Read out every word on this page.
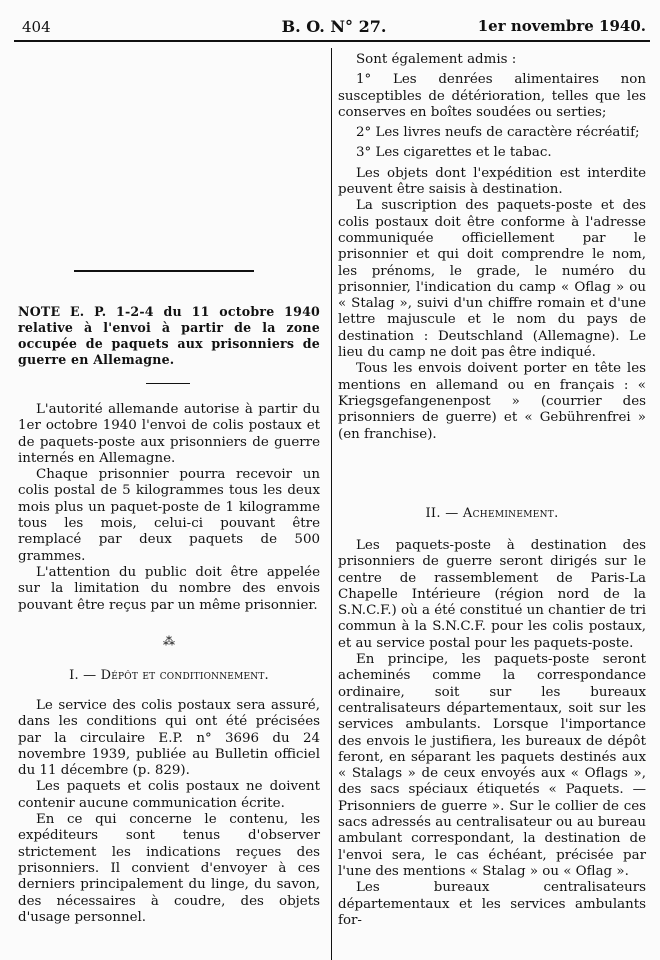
404	B. O. N° 27.	1er novembre 1940.
NOTE E. P. 1-2-4 du 11 octobre 1940 relative à l'envoi à partir de la zone occupée de paquets aux prisonniers de guerre en Allemagne.

L'autorité allemande autorise à partir du 1er octobre 1940 l'envoi de colis postaux et de paquets-poste aux prisonniers de guerre internés en Allemagne.

Chaque prisonnier pourra recevoir un colis postal de 5 kilogrammes tous les deux mois plus un paquet-poste de 1 kilogramme tous les mois, celui-ci pouvant être remplacé par deux paquets de 500 grammes.

L'attention du public doit être appelée sur la limitation du nombre des envois pouvant être reçus par un même prisonnier.

⁂
I. — Dépôt et conditionnement.

Le service des colis postaux sera assuré, dans les conditions qui ont été précisées par la circulaire E.P. n° 3696 du 24 novembre 1939, publiée au Bulletin officiel du 11 décembre (p. 829).

Les paquets et colis postaux ne doivent contenir aucune communication écrite.

En ce qui concerne le contenu, les expéditeurs sont tenus d'observer strictement les indications reçues des prisonniers. Il convient d'envoyer à ces derniers principalement du linge, du savon, des nécessaires à coudre, des objets d'usage personnel.

Sont également admis :

1° Les denrées alimentaires non susceptibles de détérioration, telles que les conserves en boîtes soudées ou serties;

2° Les livres neufs de caractère récréatif;

3° Les cigarettes et le tabac.

Les objets dont l'expédition est interdite peuvent être saisis à destination.

La suscription des paquets-poste et des colis postaux doit être conforme à l'adresse communiquée officiellement par le prisonnier et qui doit comprendre le nom, les prénoms, le grade, le numéro du prisonnier, l'indication du camp « Oflag » ou « Stalag », suivi d'un chiffre romain et d'une lettre majuscule et le nom du pays de destination : Deutschland (Allemagne). Le lieu du camp ne doit pas être indiqué.

Tous les envois doivent porter en tête les mentions en allemand ou en français : « Kriegsgefangenenpost » (courrier des prisonniers de guerre) et « Gebührenfrei » (en franchise).

II. — Acheminement.

Les paquets-poste à destination des prisonniers de guerre seront dirigés sur le centre de rassemblement de Paris-La Chapelle Intérieure (région nord de la S.N.C.F.) où a été constitué un chantier de tri commun à la S.N.C.F. pour les colis postaux, et au service postal pour les paquets-poste.

En principe, les paquets-poste seront acheminés comme la correspondance ordinaire, soit sur les bureaux centralisateurs départementaux, soit sur les services ambulants. Lorsque l'importance des envois le justifiera, les bureaux de dépôt feront, en séparant les paquets destinés aux « Stalags » de ceux envoyés aux « Oflags », des sacs spéciaux étiquetés « Paquets. — Prisonniers de guerre ». Sur le collier de ces sacs adressés au centralisateur ou au bureau ambulant correspondant, la destination de l'envoi sera, le cas échéant, précisée par l'une des mentions « Stalag » ou « Oflag ».

Les bureaux centralisateurs départementaux et les services ambulants for-
